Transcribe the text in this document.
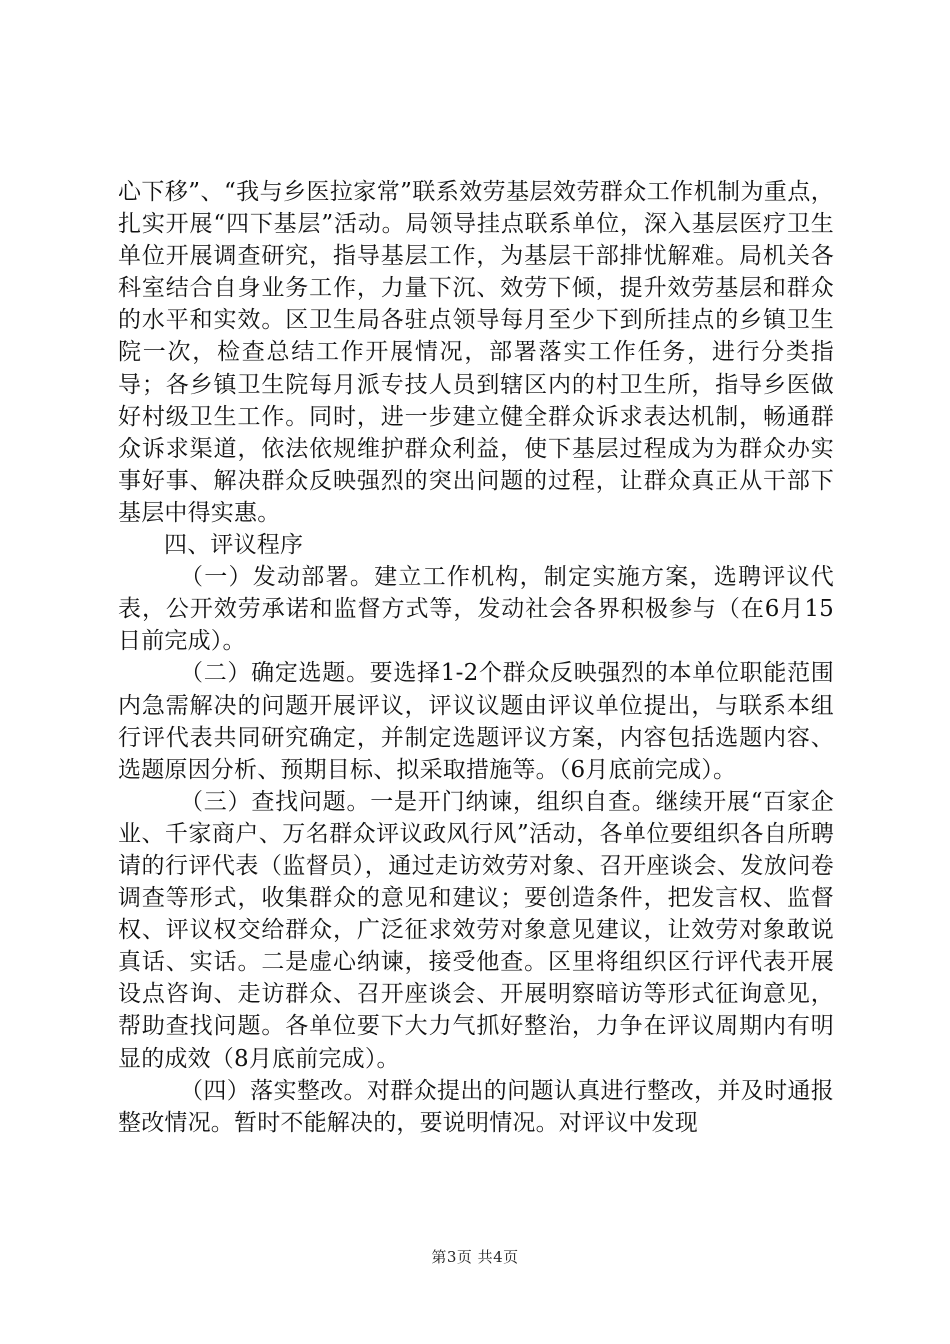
心下移”、“我与乡医拉家常”联系效劳基层效劳群众工作机制为重点，扎实开展“四下基层”活动。局领导挂点联系单位，深入基层医疗卫生单位开展调查研究，指导基层工作，为基层干部排忧解难。局机关各科室结合自身业务工作，力量下沉、效劳下倾，提升效劳基层和群众的水平和实效。区卫生局各驻点领导每月至少下到所挂点的乡镇卫生院一次，检查总结工作开展情况，部署落实工作任务，进行分类指导；各乡镇卫生院每月派专技人员到辖区内的村卫生所，指导乡医做好村级卫生工作。同时，进一步建立健全群众诉求表达机制，畅通群众诉求渠道，依法依规维护群众利益，使下基层过程成为为群众办实事好事、解决群众反映强烈的突出问题的过程，让群众真正从干部下基层中得实惠。

四、评议程序

（一）发动部署。建立工作机构，制定实施方案，选聘评议代表，公开效劳承诺和监督方式等，发动社会各界积极参与（在6月15日前完成）。

（二）确定选题。要选择1-2个群众反映强烈的本单位职能范围内急需解决的问题开展评议，评议议题由评议单位提出，与联系本组行评代表共同研究确定，并制定选题评议方案，内容包括选题内容、选题原因分析、预期目标、拟采取措施等。（6月底前完成）。

（三）查找问题。一是开门纳谏，组织自查。继续开展“百家企业、千家商户、万名群众评议政风行风”活动，各单位要组织各自所聘请的行评代表（监督员），通过走访效劳对象、召开座谈会、发放问卷调查等形式，收集群众的意见和建议；要创造条件，把发言权、监督权、评议权交给群众，广泛征求效劳对象意见建议，让效劳对象敢说真话、实话。二是虚心纳谏，接受他查。区里将组织区行评代表开展设点咨询、走访群众、召开座谈会、开展明察暗访等形式征询意见，帮助查找问题。各单位要下大力气抓好整治，力争在评议周期内有明显的成效（8月底前完成）。

（四）落实整改。对群众提出的问题认真进行整改，并及时通报整改情况。暂时不能解决的，要说明情况。对评议中发现

第3页 共4页
